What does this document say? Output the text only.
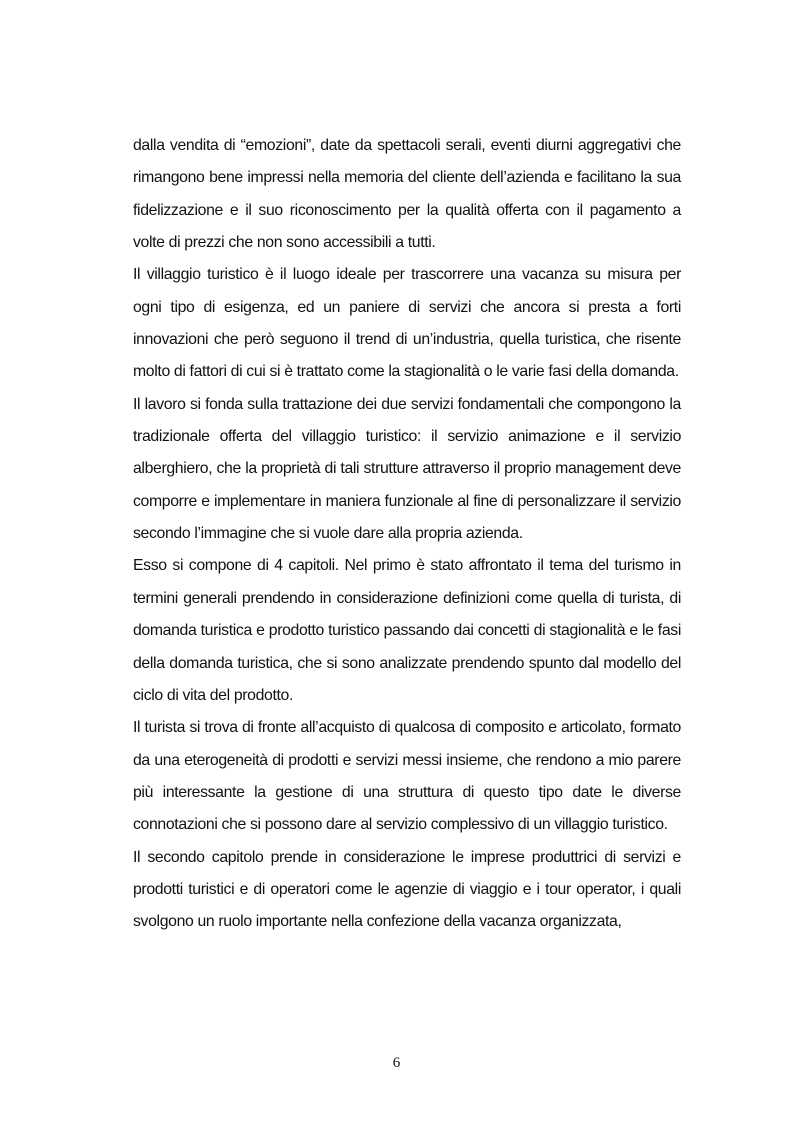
dalla vendita di “emozioni”, date da spettacoli serali, eventi diurni aggregativi che rimangono bene impressi nella memoria del cliente dell’azienda e facilitano la sua fidelizzazione e il suo riconoscimento per la qualità offerta con il pagamento a volte di prezzi che non sono accessibili a tutti.

Il villaggio turistico è il luogo ideale per trascorrere una vacanza su misura per ogni tipo di esigenza, ed un paniere di servizi che ancora si presta a forti innovazioni che però seguono il trend di un’industria, quella turistica, che risente molto di fattori di cui si è trattato come la stagionalità o le varie fasi della domanda.

Il lavoro si fonda sulla trattazione dei due servizi fondamentali che compongono la tradizionale offerta del villaggio turistico: il servizio animazione e il servizio alberghiero, che la proprietà di tali strutture attraverso il proprio management deve comporre e implementare in maniera funzionale al fine di personalizzare il servizio secondo l’immagine che si vuole dare alla propria azienda.

Esso si compone di 4 capitoli. Nel primo è stato affrontato il tema del turismo in termini generali prendendo in considerazione definizioni come quella di turista, di domanda turistica e prodotto turistico passando dai concetti di stagionalità e le fasi della domanda turistica, che si sono analizzate prendendo spunto dal modello del ciclo di vita del prodotto.

Il turista si trova di fronte all’acquisto di qualcosa di composito e articolato, formato da una eterogeneità di prodotti e servizi messi insieme, che rendono a mio parere più interessante la gestione di una struttura di questo tipo date le diverse connotazioni che si possono dare al servizio complessivo di un villaggio turistico.

Il secondo capitolo prende in considerazione le imprese produttrici di servizi e prodotti turistici e di operatori come le agenzie di viaggio e i tour operator, i quali svolgono un ruolo importante nella confezione della vacanza organizzata,

6
